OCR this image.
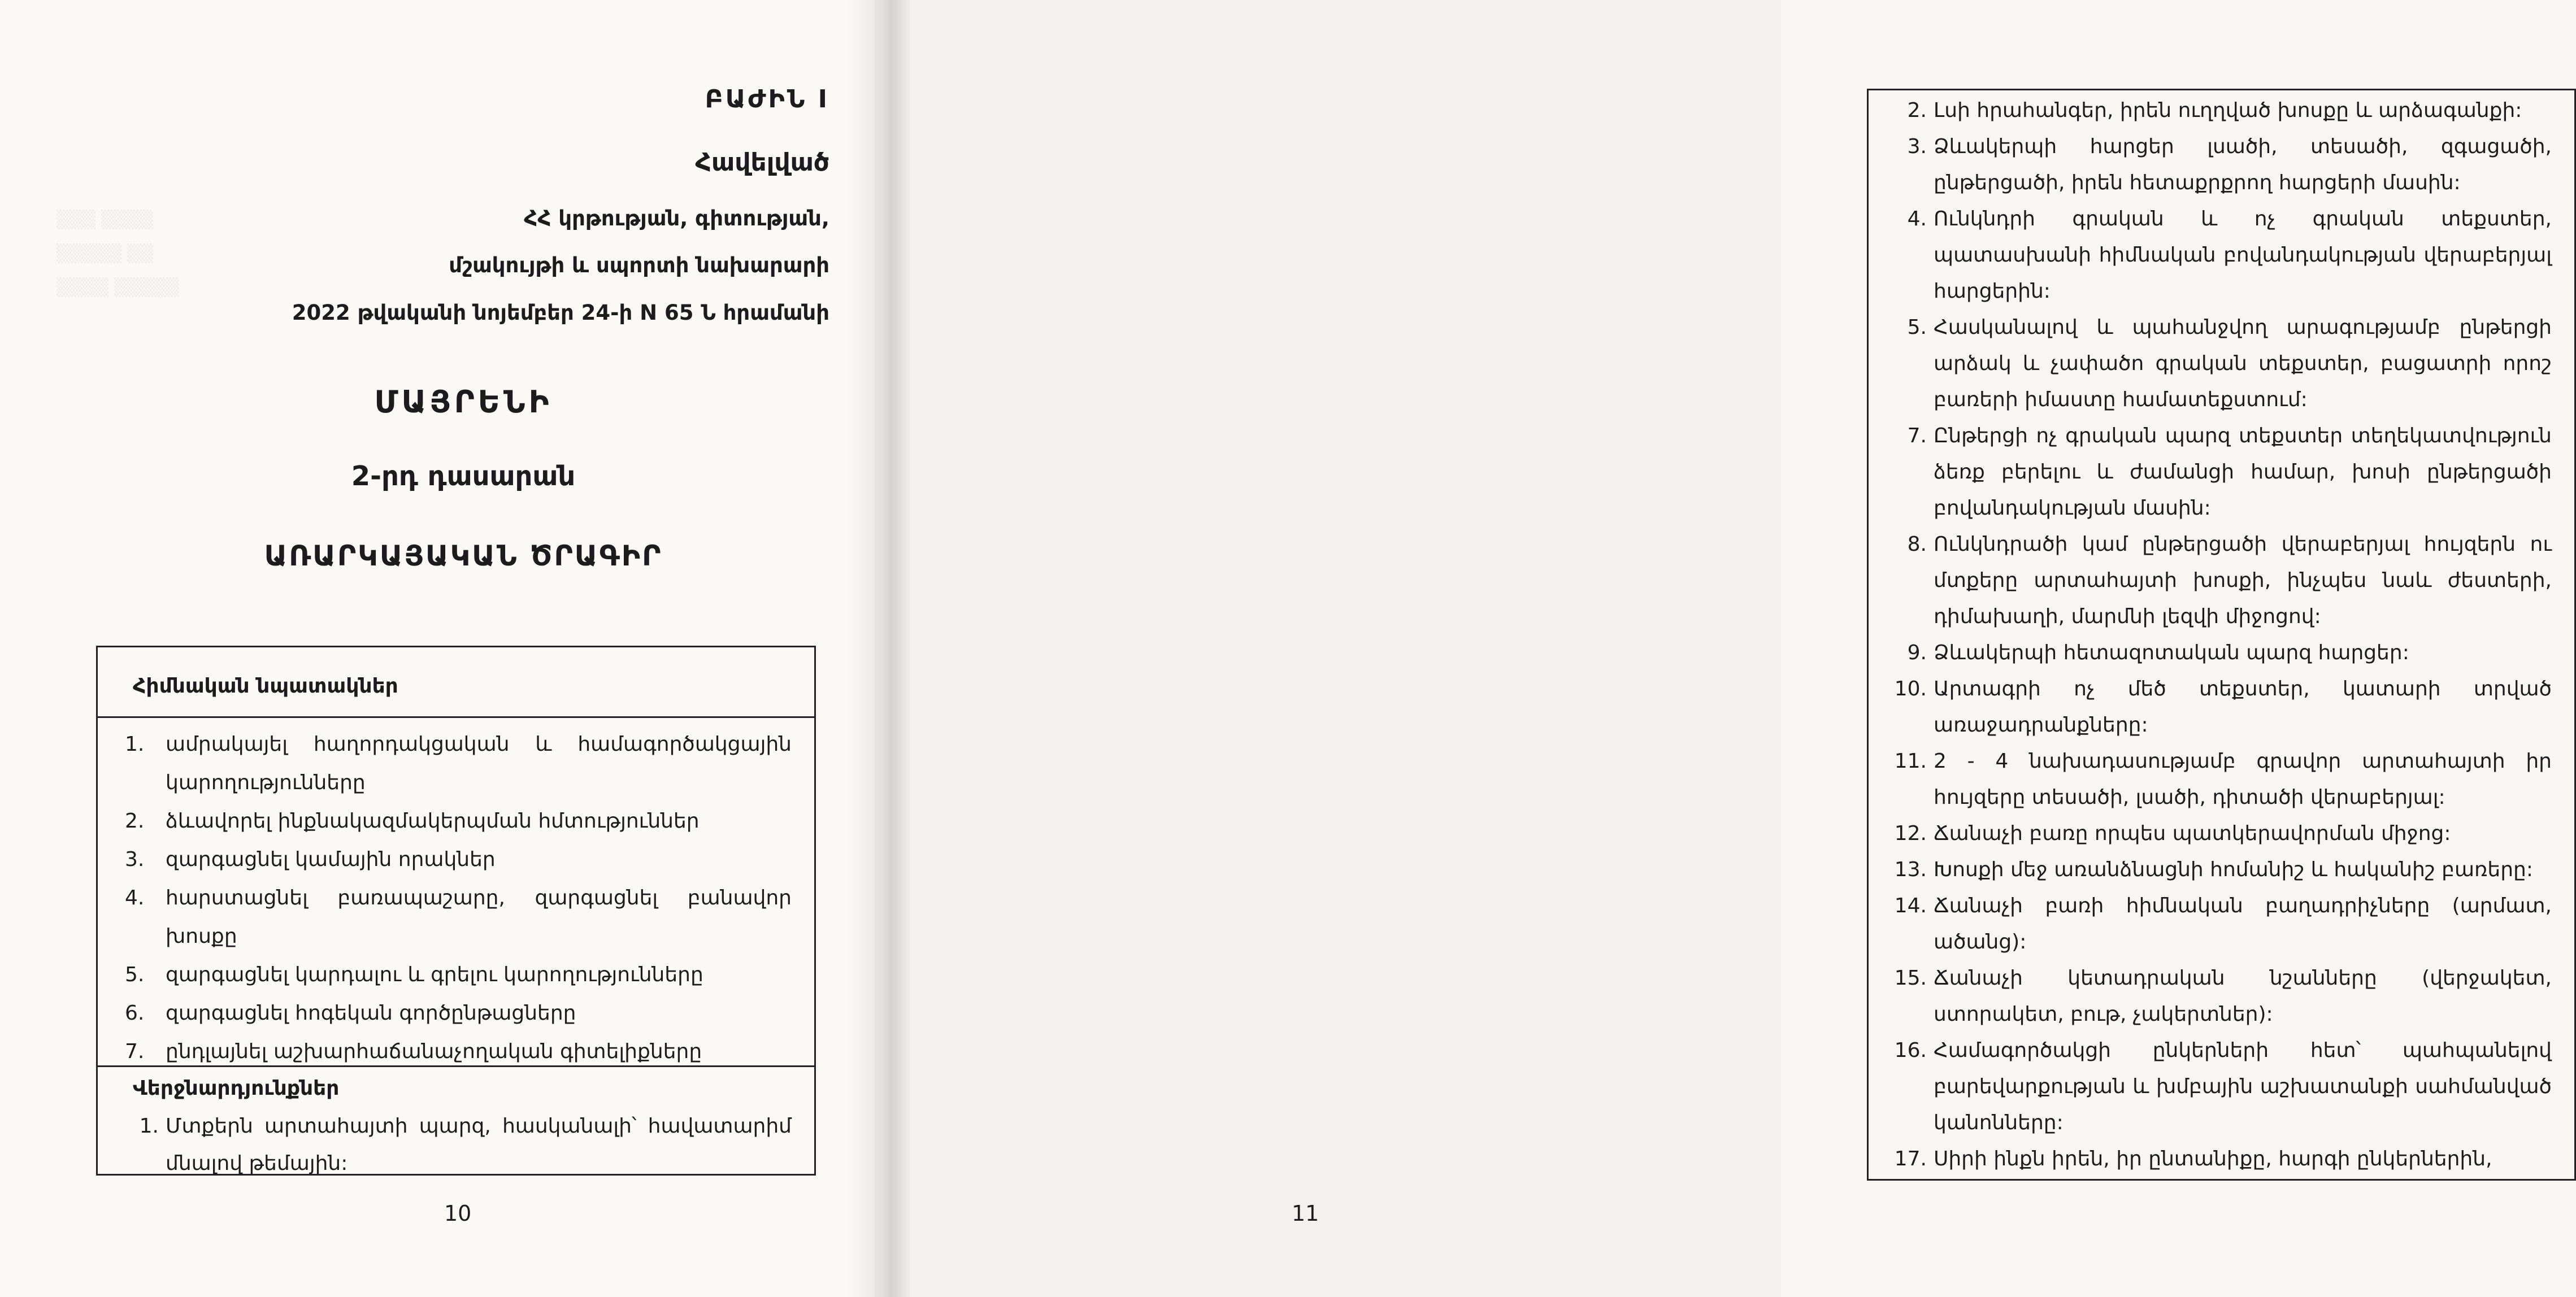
▒▒▒ ▒▒▒▒
▒▒▒▒▒ ▒▒
▒▒▒▒ ▒▒▒▒▒
ԲԱԺԻՆ I
Հավելված
ՀՀ կրթության, գիտության,
մշակույթի և սպորտի նախարարի
2022 թվականի նոյեմբեր 24-ի N 65 Ն հրամանի
ՄԱՅՐԵՆԻ
2-րդ դասարան
ԱՌԱՐԿԱՅԱԿԱՆ ԾՐԱԳԻՐ
Հիմնական նպատակներ
1.	ամրակայել հաղորդակցական և համագործակցային կարողությունները
2.	ձևավորել ինքնակազմակերպման հմտություններ
3.	զարգացնել կամային որակներ
4.	հարստացնել բառապաշարը, զարգացնել բանավոր խոսքը
5.	զարգացնել կարդալու և գրելու կարողությունները
6.	զարգացնել հոգեկան գործընթացները
7.	ընդլայնել աշխարհաճանաչողական գիտելիքները
Վերջնարդյունքներ
1. Մտքերն արտահայտի պարզ, հասկանալի՝ հավատարիմ մնալով թեմային:
10
2. Լսի հրահանգեր, իրեն ուղղված խոսքը և արձագանքի:
3. Ձևակերպի հարցեր լսածի, տեսածի, զգացածի, ընթերցածի, իրեն հետաքրքրող հարցերի մասին:
4. Ունկնդրի գրական և ոչ գրական տեքստեր, պատասխանի հիմնական բովանդակության վերաբերյալ հարցերին:
5. Հասկանալով և պահանջվող արագությամբ ընթերցի արձակ և չափածո գրական տեքստեր, բացատրի որոշ բառերի իմաստը համատեքստում:
7. Ընթերցի ոչ գրական պարզ տեքստեր տեղեկատվություն ձեռք բերելու և ժամանցի համար, խոսի ընթերցածի բովանդակության մասին:
8. Ունկնդրածի կամ ընթերցածի վերաբերյալ հույզերն ու մտքերը արտահայտի խոսքի, ինչպես նաև ժեստերի, դիմախաղի, մարմնի լեզվի միջոցով:
9. Ձևակերպի հետազոտական պարզ հարցեր:
10. Արտագրի ոչ մեծ տեքստեր, կատարի տրված առաջադրանքները:
11. 2 - 4 նախադասությամբ գրավոր արտահայտի իր հույզերը տեսածի, լսածի, դիտածի վերաբերյալ:
12. Ճանաչի բառը որպես պատկերավորման միջոց:
13. Խոսքի մեջ առանձնացնի հոմանիշ և հականիշ բառերը:
14. Ճանաչի բառի հիմնական բաղադրիչները (արմատ, ածանց):
15. Ճանաչի կետադրական նշանները (վերջակետ, ստորակետ, բութ, չակերտներ):
16. Համագործակցի ընկերների հետ՝ պահպանելով բարեվարքության և խմբային աշխատանքի սահմանված կանոնները:
17. Սիրի ինքն իրեն, իր ընտանիքը, հարգի ընկերներին,
11
